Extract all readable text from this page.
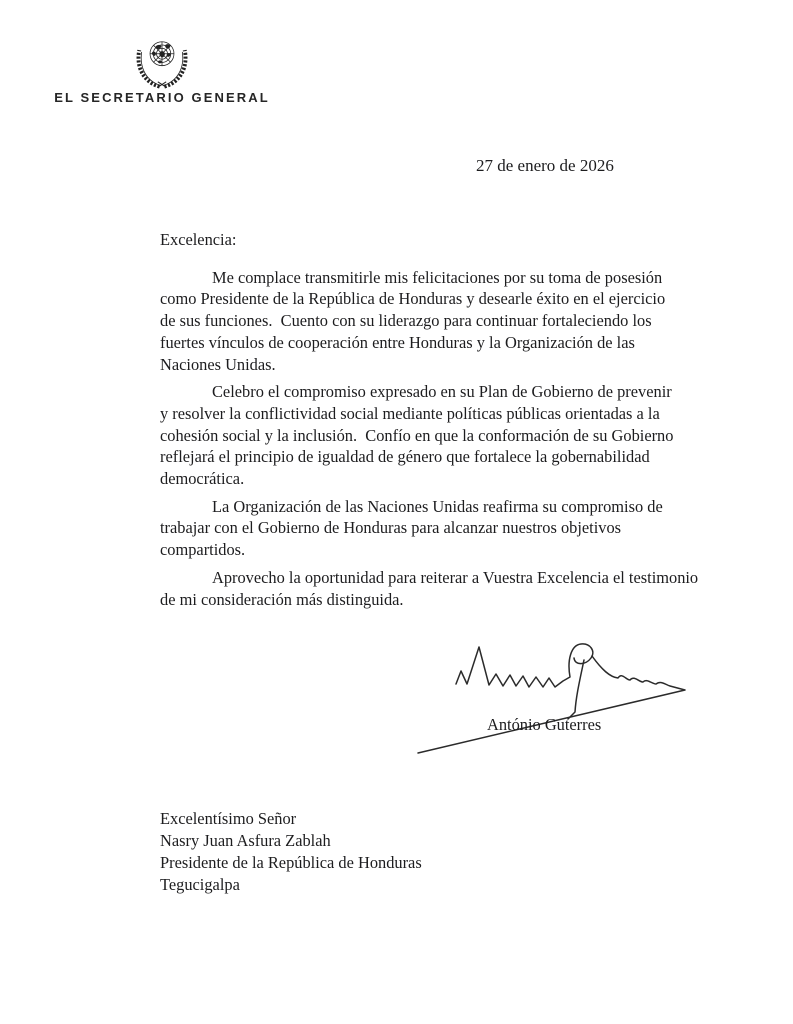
EL SECRETARIO GENERAL
27 de enero de 2026
Excelencia:
Me complace transmitirle mis felicitaciones por su toma de posesión
como Presidente de la República de Honduras y desearle éxito en el ejercicio
de sus funciones.  Cuento con su liderazgo para continuar fortaleciendo los
fuertes vínculos de cooperación entre Honduras y la Organización de las
Naciones Unidas.
Celebro el compromiso expresado en su Plan de Gobierno de prevenir
y resolver la conflictividad social mediante políticas públicas orientadas a la
cohesión social y la inclusión.  Confío en que la conformación de su Gobierno
reflejará el principio de igualdad de género que fortalece la gobernabilidad
democrática.
La Organización de las Naciones Unidas reafirma su compromiso de
trabajar con el Gobierno de Honduras para alcanzar nuestros objetivos
compartidos.
Aprovecho la oportunidad para reiterar a Vuestra Excelencia el testimonio
de mi consideración más distinguida.
António Guterres
Excelentísimo Señor
Nasry Juan Asfura Zablah
Presidente de la República de Honduras
Tegucigalpa
